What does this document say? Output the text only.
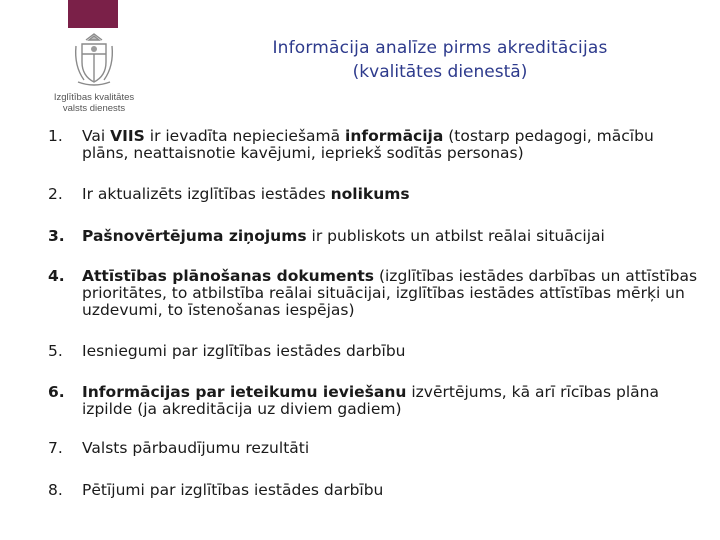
Izglītības kvalitātes
valsts dienests
Informācija analīze pirms akreditācijas
(kvalitātes dienestā)
1.	Vai VIIS ir ievadīta nepieciešamā informācija (tostarp pedagogi, mācību plāns, neattaisnotie kavējumi, iepriekš sodītās personas)
2.	Ir aktualizēts izglītības iestādes nolikums
3.	Pašnovērtējuma ziņojums ir publiskots un atbilst reālai situācijai
4.	Attīstības plānošanas dokuments (izglītības iestādes darbības un attīstības prioritātes, to atbilstība reālai situācijai, izglītības iestādes attīstības mērķi un uzdevumi, to īstenošanas iespējas)
5.	Iesniegumi par izglītības iestādes darbību
6.	Informācijas par ieteikumu ieviešanu izvērtējums, kā arī rīcības plāna izpilde (ja akreditācija uz diviem gadiem)
7.	Valsts pārbaudījumu rezultāti
8.	Pētījumi par izglītības iestādes darbību
